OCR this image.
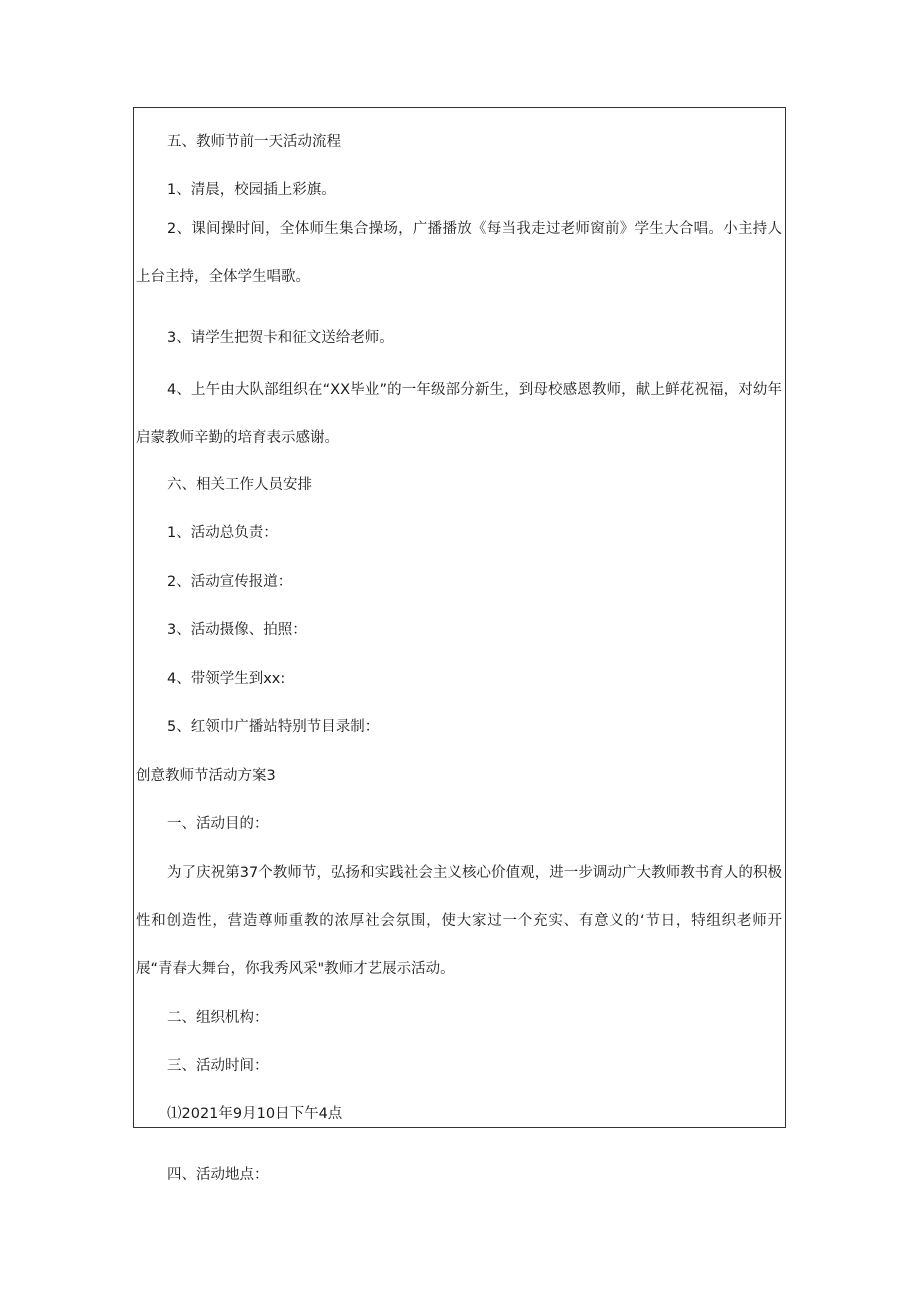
五、教师节前一天活动流程
1、清晨，校园插上彩旗。
2、课间操时间，全体师生集合操场，广播播放《每当我走过老师窗前》学生大合唱。小主持人上台主持，全体学生唱歌。
3、请学生把贺卡和征文送给老师。
4、上午由大队部组织在“XX毕业”的一年级部分新生，到母校感恩教师，献上鲜花祝福，对幼年启蒙教师辛勤的培育表示感谢。
六、相关工作人员安排
1、活动总负责：
2、活动宣传报道：
3、活动摄像、拍照：
4、带领学生到xx:
5、红领巾广播站特别节目录制：
创意教师节活动方案3
一、活动目的：
为了庆祝第37个教师节，弘扬和实践社会主义核心价值观，进一步调动广大教师教书育人的积极性和创造性，营造尊师重教的浓厚社会氛围，使大家过一个充实、有意义的‘节日，特组织老师开展“青春大舞台，你我秀风采"教师才艺展示活动。
二、组织机构：
三、活动时间：
⑴2021年9月10日下午4点
四、活动地点：
